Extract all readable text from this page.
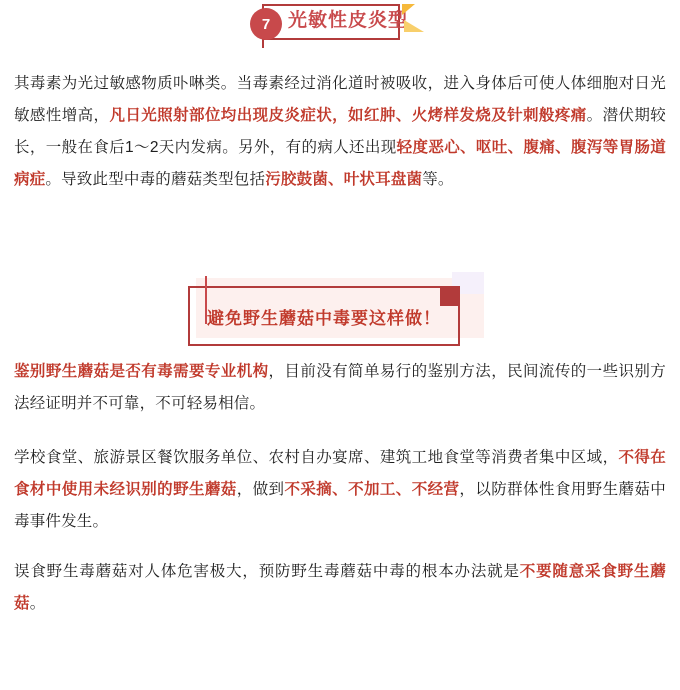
7 光敏性皮炎型

其毒素为光过敏感物质卟啉类。当毒素经过消化道时被吸收，进入身体后可使人体细胞对日光敏感性增高，凡日光照射部位均出现皮炎症状，如红肿、火烤样发烧及针刺般疼痛。潜伏期较长，一般在食后1～2天内发病。另外，有的病人还出现轻度恶心、呕吐、腹痛、腹泻等胃肠道病症。导致此型中毒的蘑菇类型包括污胶鼓菌、叶状耳盘菌等。

避免野生蘑菇中毒要这样做！

鉴别野生蘑菇是否有毒需要专业机构，目前没有简单易行的鉴别方法，民间流传的一些识别方法经证明并不可靠，不可轻易相信。

学校食堂、旅游景区餐饮服务单位、农村自办宴席、建筑工地食堂等消费者集中区域，不得在食材中使用未经识别的野生蘑菇，做到不采摘、不加工、不经营，以防群体性食用野生蘑菇中毒事件发生。

误食野生毒蘑菇对人体危害极大，预防野生毒蘑菇中毒的根本办法就是不要随意采食野生蘑菇。
